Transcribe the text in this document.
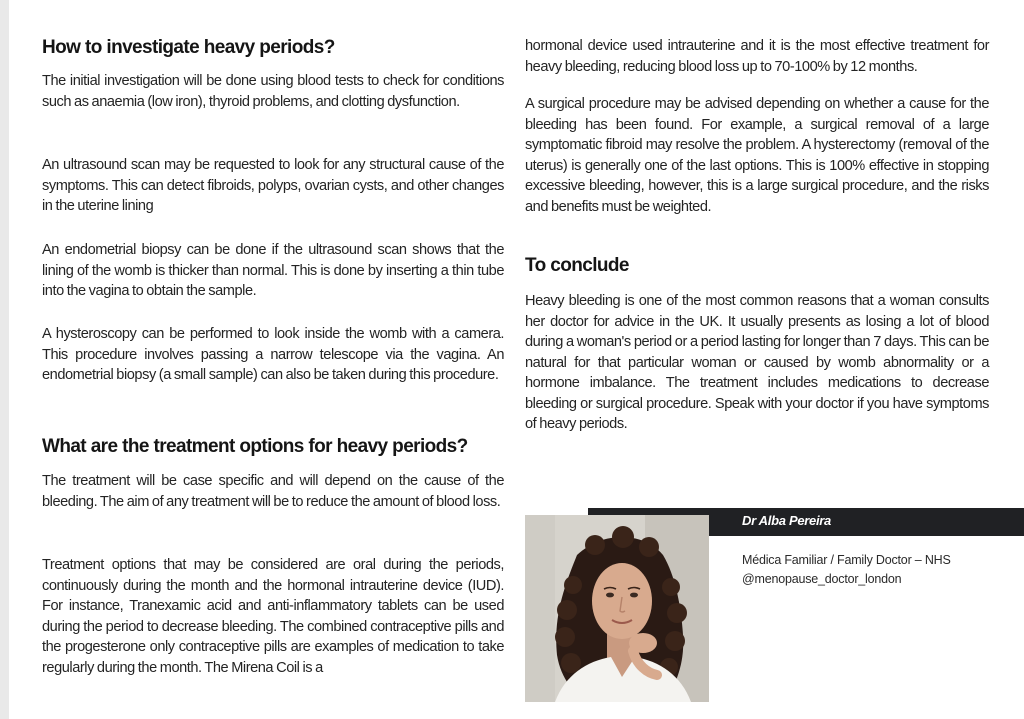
How to investigate heavy periods?

The initial investigation will be done using blood tests to check for conditions such as anaemia (low iron), thyroid problems, and clotting dysfunction.

An ultrasound scan may be requested to look for any structural cause of the symptoms. This can detect fibroids, polyps, ovarian cysts, and other changes in the uterine lining

An endometrial biopsy can be done if the ultrasound scan shows that the lining of the womb is thicker than normal. This is done by inserting a thin tube into the vagina to obtain the sample.

A hysteroscopy can be performed to look inside the womb with a camera. This procedure involves passing a narrow telescope via the vagina. An endometrial biopsy (a small sample) can also be taken during this procedure.

What are the treatment options for heavy periods?

The treatment will be case specific and will depend on the cause of the bleeding. The aim of any treatment will be to reduce the amount of blood loss.

Treatment options that may be considered are oral during the periods, continuously during the month and the hormonal intrauterine device (IUD). For instance, Tranexamic acid and anti-inflammatory tablets can be used during the period to decrease bleeding. The combined contraceptive pills and the progesterone only contraceptive pills are examples of medication to take regularly during the month. The Mirena Coil is a

hormonal device used intrauterine and it is the most effective treatment for heavy bleeding, reducing blood loss up to 70-100% by 12 months.

A surgical procedure may be advised depending on whether a cause for the bleeding has been found. For example, a surgical removal of a large symptomatic fibroid may resolve the problem. A hysterectomy (removal of the uterus) is generally one of the last options. This is 100% effective in stopping excessive bleeding, however, this is a large surgical procedure, and the risks and benefits must be weighted.

To conclude

Heavy bleeding is one of the most common reasons that a woman consults her doctor for advice in the UK. It usually presents as losing a lot of blood during a woman's period or a period lasting for longer than 7 days. This can be natural for that particular woman or caused by womb abnormality or a hormone imbalance. The treatment includes medications to decrease bleeding or surgical procedure. Speak with your doctor if you have symptoms of heavy periods.

Dr Alba Pereira
Médica Familiar / Family Doctor – NHS
@menopause_doctor_london
